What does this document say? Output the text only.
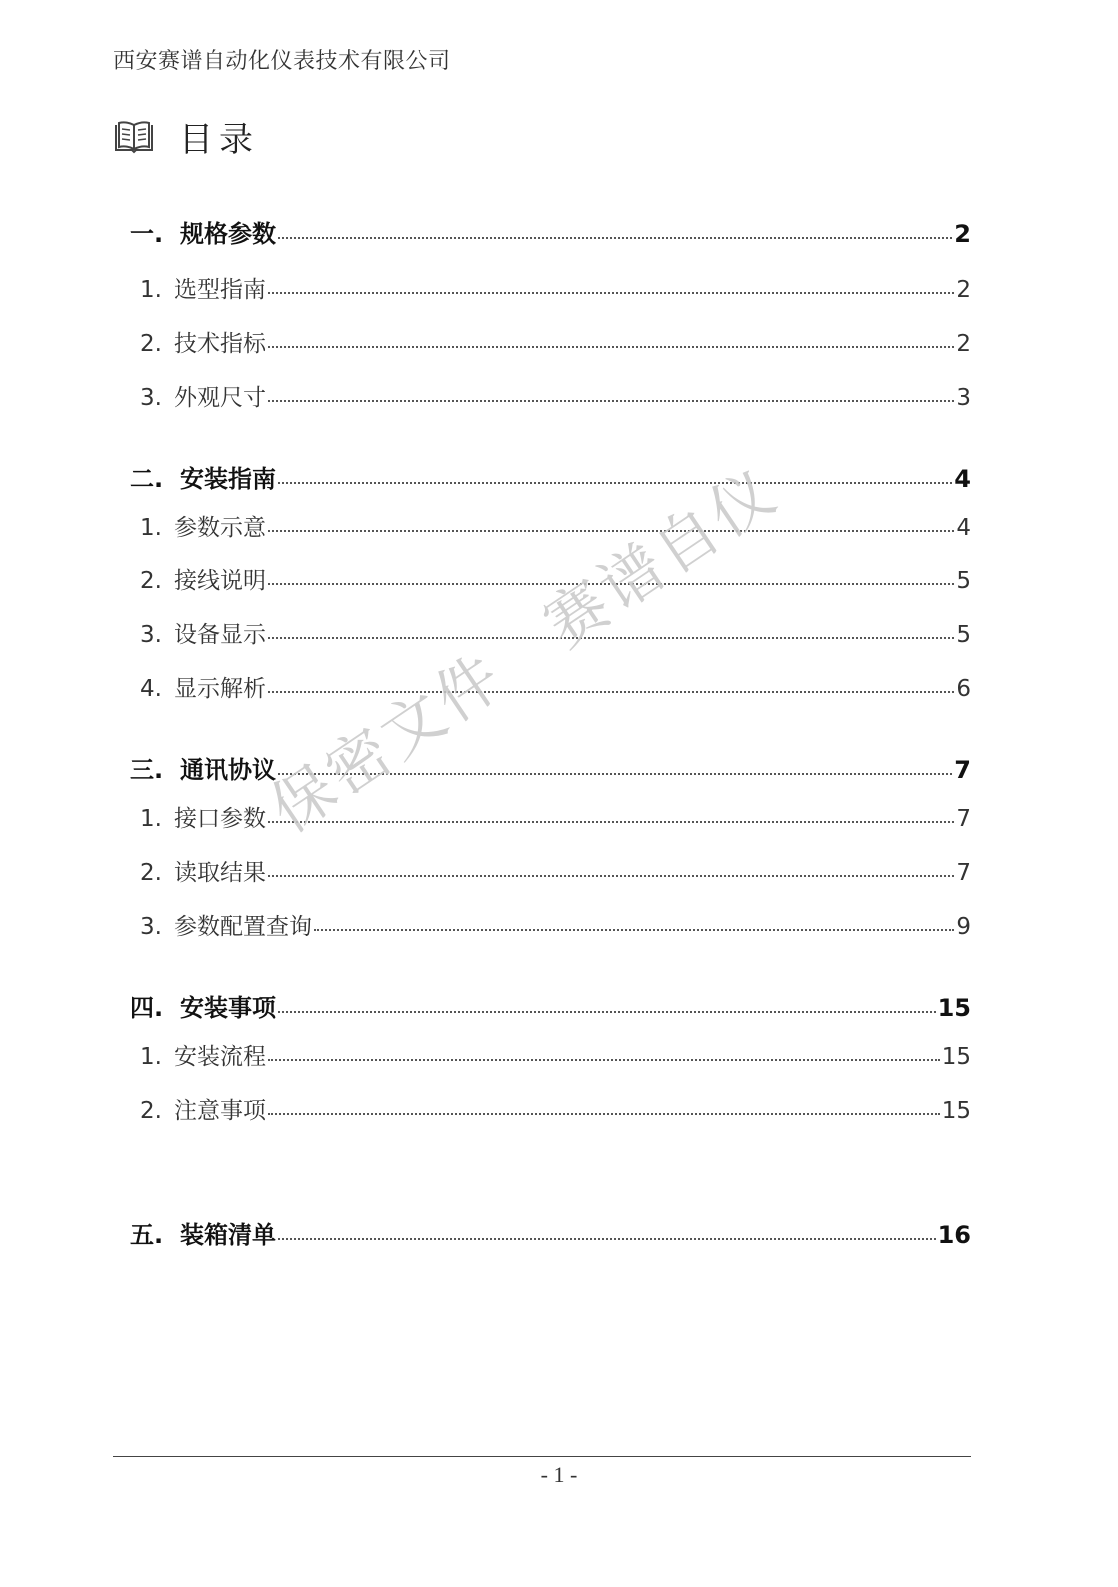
西安赛谱自动化仪表技术有限公司
目录
一. 规格参数	2
1. 选型指南	2
2. 技术指标	2
3. 外观尺寸	3
二. 安装指南	4
1. 参数示意	4
2. 接线说明	5
3. 设备显示	5
4. 显示解析	6
三. 通讯协议	7
1. 接口参数	7
2. 读取结果	7
3. 参数配置查询	9
四. 安装事项	15
1. 安装流程	15
2. 注意事项	15
五. 装箱清单	16
保密文件　赛谱自仪
- 1 -
